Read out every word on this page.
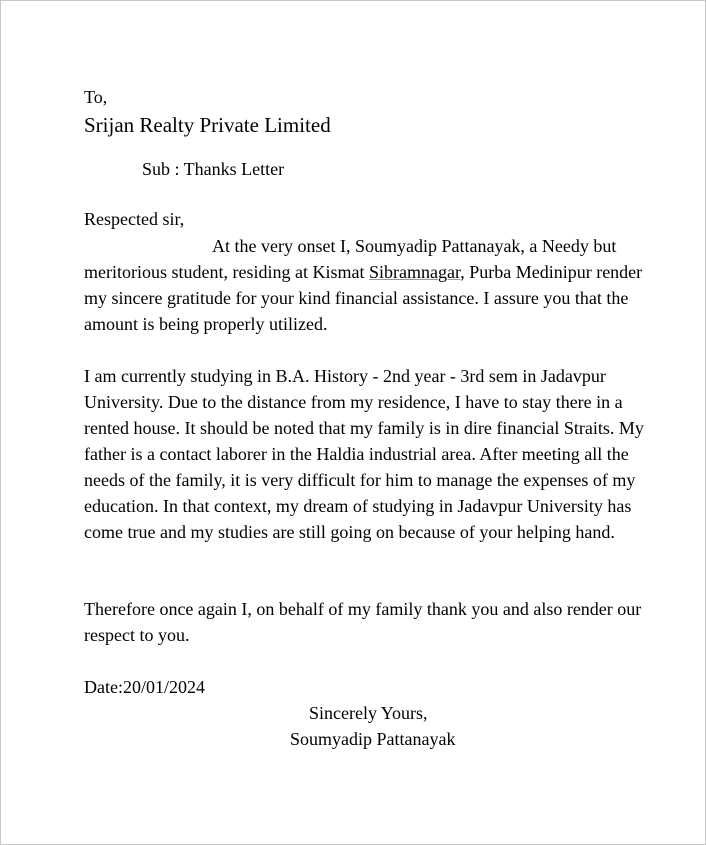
To,
Srijan Realty Private Limited
Sub : Thanks Letter
Respected sir,

At the very onset I, Soumyadip Pattanayak, a Needy but meritorious student, residing at Kismat Sibramnagar, Purba Medinipur render my sincere gratitude for your kind financial assistance. I assure you that the amount is being properly utilized.

I am currently studying in B.A. History - 2nd year - 3rd sem in Jadavpur University. Due to the distance from my residence, I have to stay there in a rented house. It should be noted that my family is in dire financial Straits. My father is a contact laborer in the Haldia industrial area. After meeting all the needs of the family, it is very difficult for him to manage the expenses of my education. In that context, my dream of studying in Jadavpur University has come true and my studies are still going on because of your helping hand.

Therefore once again I, on behalf of my family thank you and also render our respect to you.

Date:20/01/2024
Sincerely Yours,
Soumyadip Pattanayak
